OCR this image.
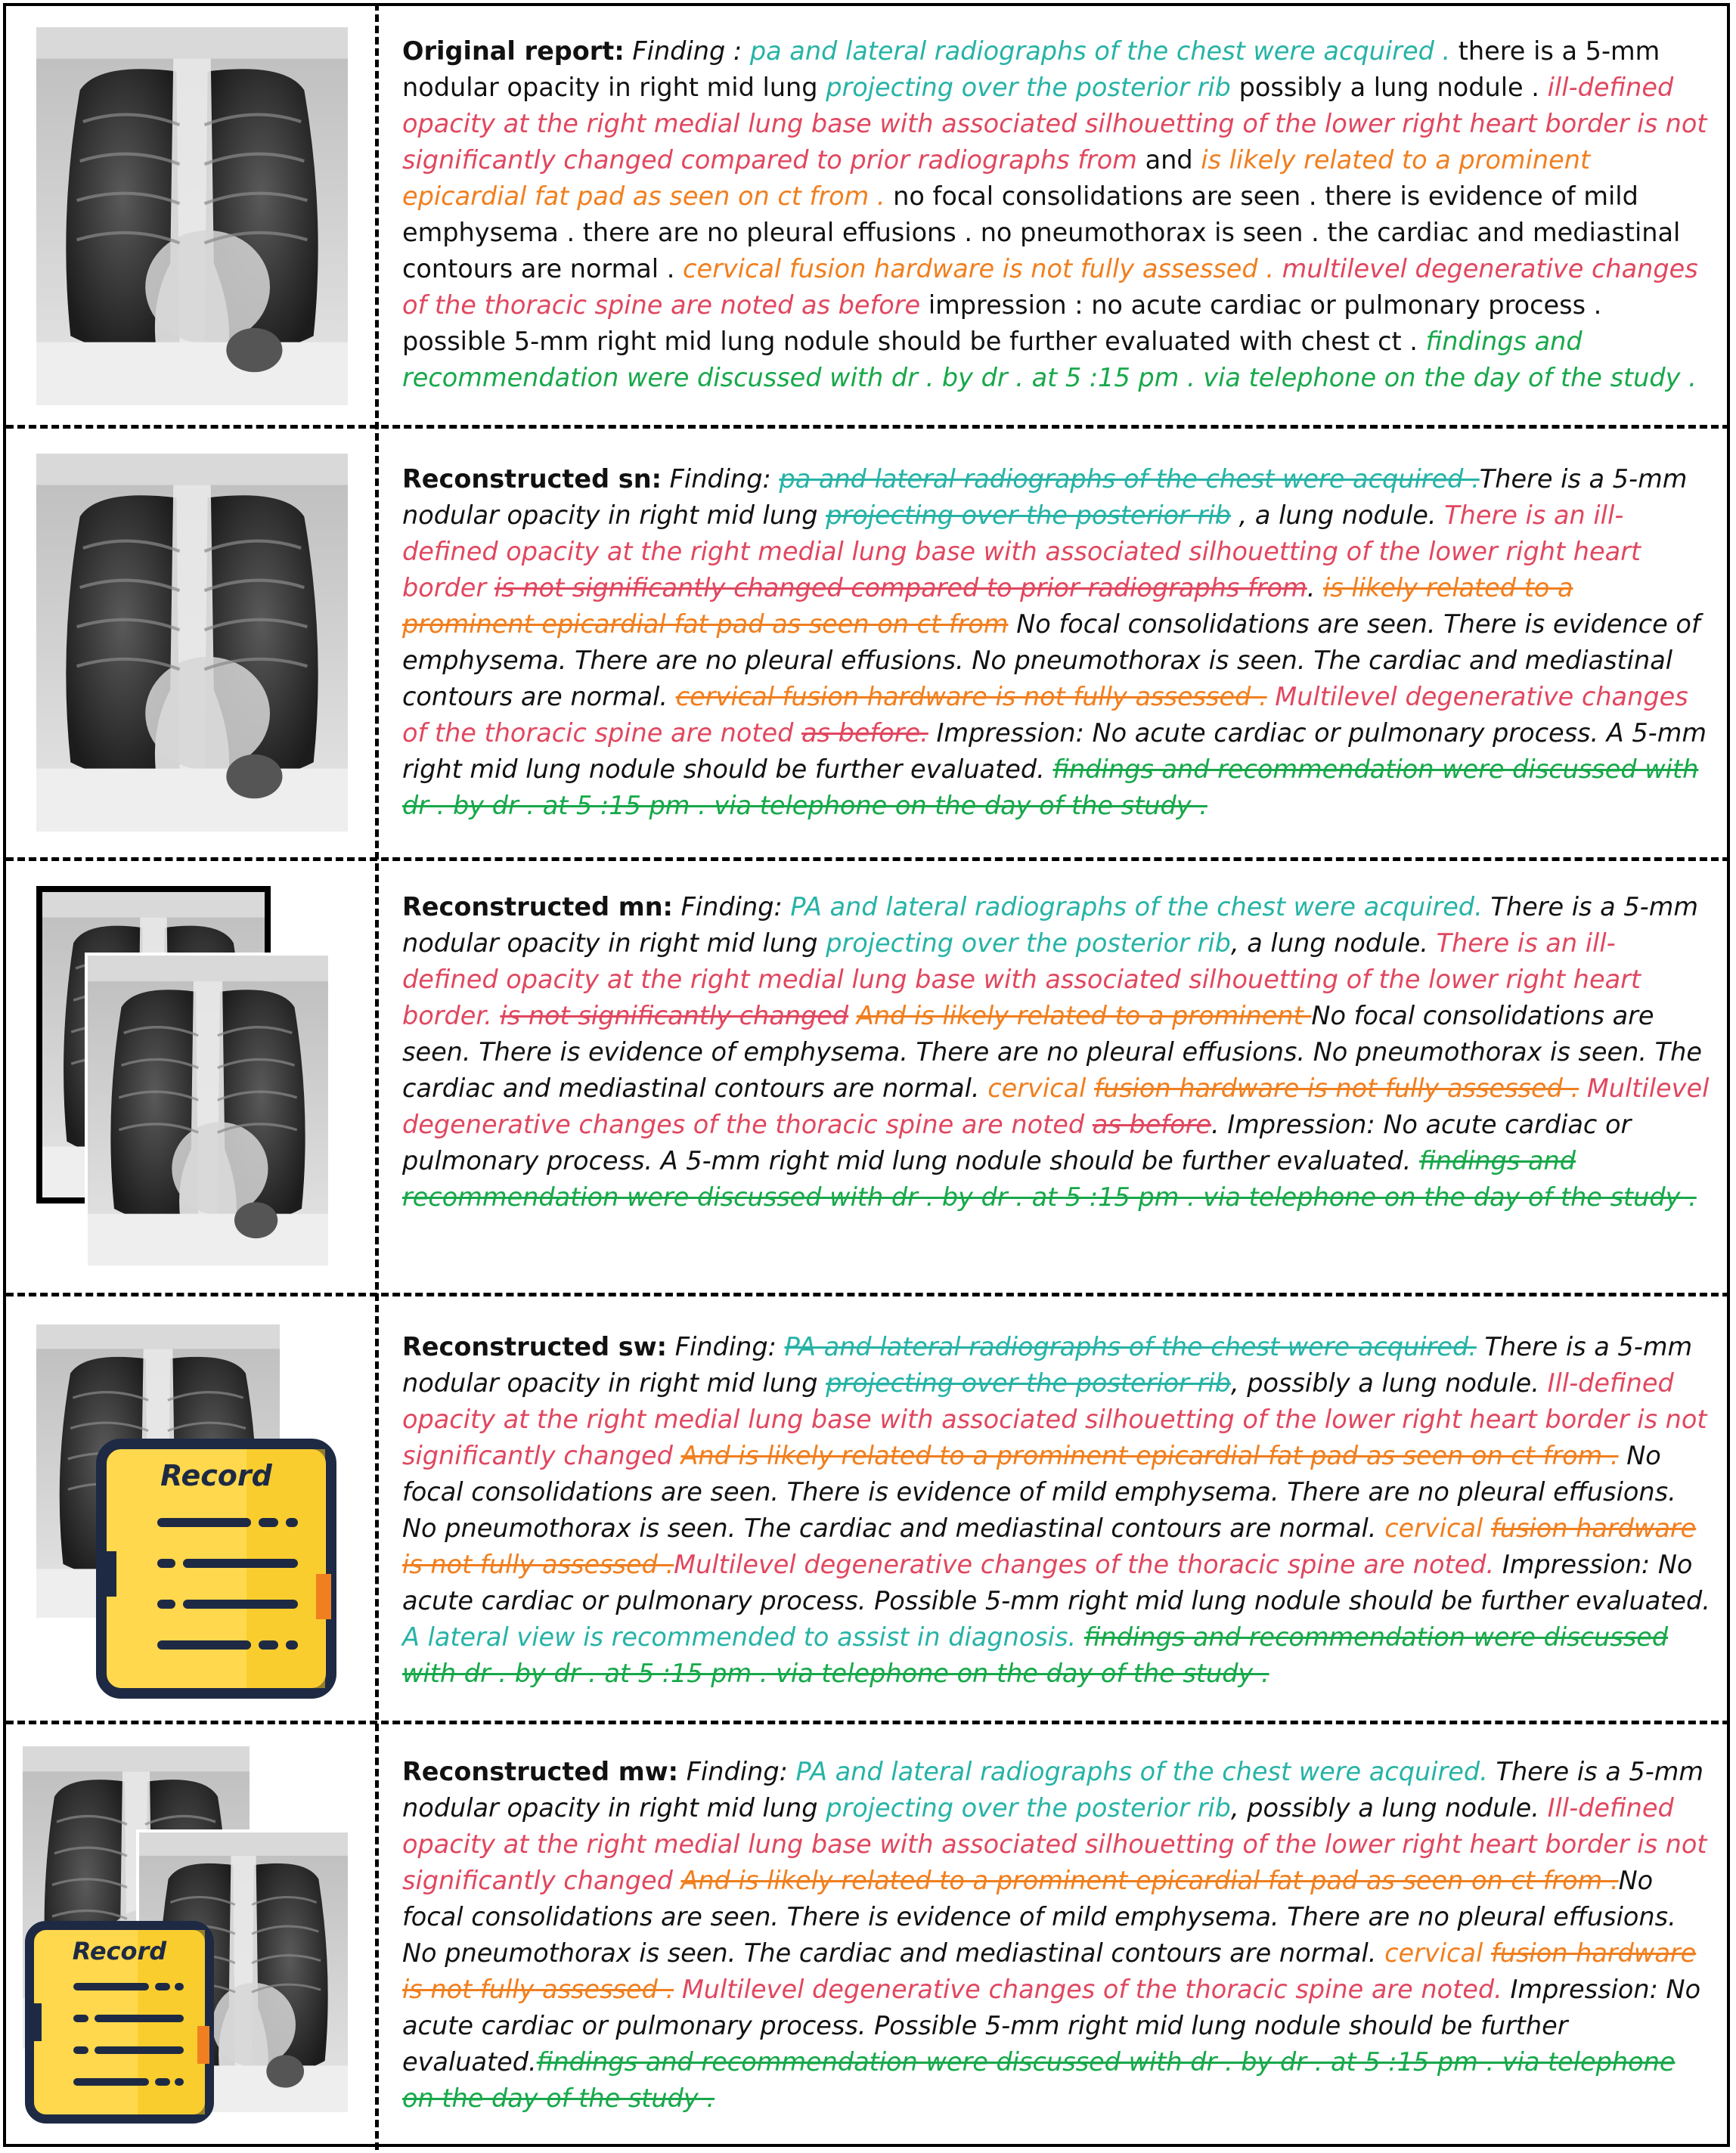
Record
Record
Original report: Finding : pa and lateral radiographs of the chest were acquired . there is a 5-mm nodular opacity in right mid lung projecting over the posterior rib possibly a lung nodule . ill-defined opacity at the right medial lung base with associated silhouetting of the lower right heart border is not significantly changed compared to prior radiographs from and is likely related to a prominent epicardial fat pad as seen on ct from . no focal consolidations are seen . there is evidence of mild emphysema . there are no pleural effusions . no pneumothorax is seen . the cardiac and mediastinal contours are normal . cervical fusion hardware is not fully assessed . multilevel degenerative changes of the thoracic spine are noted as before impression : no acute cardiac or pulmonary process . possible 5-mm right mid lung nodule should be further evaluated with chest ct . findings and recommendation were discussed with dr . by dr . at 5 :15 pm . via telephone on the day of the study .
Reconstructed sn: Finding: pa and lateral radiographs of the chest were acquired .There is a 5-mm nodular opacity in right mid lung projecting over the posterior rib , a lung nodule. There is an ill-defined opacity at the right medial lung base with associated silhouetting of the lower right heart border is not significantly changed compared to prior radiographs from. is likely related to a prominent epicardial fat pad as seen on ct from No focal consolidations are seen. There is evidence of emphysema. There are no pleural effusions. No pneumothorax is seen. The cardiac and mediastinal contours are normal. cervical fusion hardware is not fully assessed . Multilevel degenerative changes of the thoracic spine are noted as before. Impression: No acute cardiac or pulmonary process. A 5-mm right mid lung nodule should be further evaluated. findings and recommendation were discussed with dr . by dr . at 5 :15 pm . via telephone on the day of the study .
Reconstructed mn: Finding: PA and lateral radiographs of the chest were acquired. There is a 5-mm nodular opacity in right mid lung projecting over the posterior rib, a lung nodule. There is an ill-defined opacity at the right medial lung base with associated silhouetting of the lower right heart border. is not significantly changed And is likely related to a prominent No focal consolidations are seen. There is evidence of emphysema. There are no pleural effusions. No pneumothorax is seen. The cardiac and mediastinal contours are normal. cervical fusion hardware is not fully assessed . Multilevel degenerative changes of the thoracic spine are noted as before. Impression: No acute cardiac or pulmonary process. A 5-mm right mid lung nodule should be further evaluated. findings and recommendation were discussed with dr . by dr . at 5 :15 pm . via telephone on the day of the study .
Reconstructed sw: Finding: PA and lateral radiographs of the chest were acquired. There is a 5-mm nodular opacity in right mid lung projecting over the posterior rib, possibly a lung nodule. Ill-defined opacity at the right medial lung base with associated silhouetting of the lower right heart border is not significantly changed And is likely related to a prominent epicardial fat pad as seen on ct from . No focal consolidations are seen. There is evidence of mild emphysema. There are no pleural effusions. No pneumothorax is seen. The cardiac and mediastinal contours are normal. cervical fusion hardware is not fully assessed .Multilevel degenerative changes of the thoracic spine are noted. Impression: No acute cardiac or pulmonary process. Possible 5-mm right mid lung nodule should be further evaluated. A lateral view is recommended to assist in diagnosis. findings and recommendation were discussed with dr . by dr . at 5 :15 pm . via telephone on the day of the study .
Reconstructed mw: Finding: PA and lateral radiographs of the chest were acquired. There is a 5-mm nodular opacity in right mid lung projecting over the posterior rib, possibly a lung nodule. Ill-defined opacity at the right medial lung base with associated silhouetting of the lower right heart border is not significantly changed And is likely related to a prominent epicardial fat pad as seen on ct from .No focal consolidations are seen. There is evidence of mild emphysema. There are no pleural effusions. No pneumothorax is seen. The cardiac and mediastinal contours are normal. cervical fusion hardware is not fully assessed . Multilevel degenerative changes of the thoracic spine are noted. Impression: No acute cardiac or pulmonary process. Possible 5-mm right mid lung nodule should be further evaluated.findings and recommendation were discussed with dr . by dr . at 5 :15 pm . via telephone on the day of the study .
